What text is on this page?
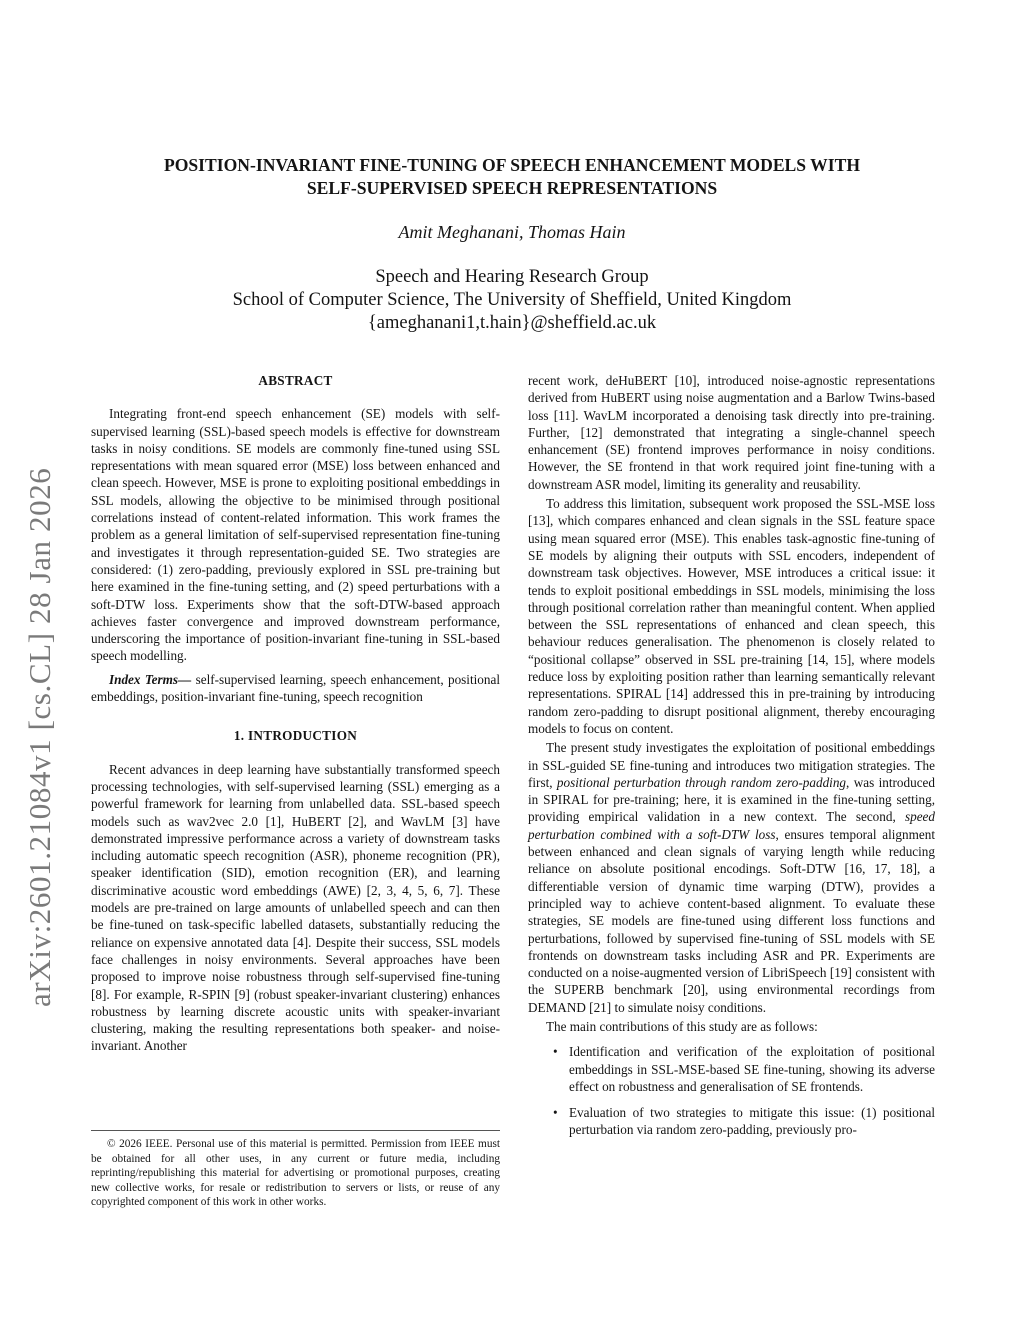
arXiv:2601.21084v1 [cs.CL] 28 Jan 2026
POSITION-INVARIANT FINE-TUNING OF SPEECH ENHANCEMENT MODELS WITH
SELF-SUPERVISED SPEECH REPRESENTATIONS
Amit Meghanani, Thomas Hain
Speech and Hearing Research Group
School of Computer Science, The University of Sheffield, United Kingdom
{ameghanani1,t.hain}@sheffield.ac.uk
ABSTRACT

Integrating front-end speech enhancement (SE) models with self-supervised learning (SSL)-based speech models is effective for downstream tasks in noisy conditions. SE models are commonly fine-tuned using SSL representations with mean squared error (MSE) loss between enhanced and clean speech. However, MSE is prone to exploiting positional embeddings in SSL models, allowing the objective to be minimised through positional correlations instead of content-related information. This work frames the problem as a general limitation of self-supervised representation fine-tuning and investigates it through representation-guided SE. Two strategies are considered: (1) zero-padding, previously explored in SSL pre-training but here examined in the fine-tuning setting, and (2) speed perturbations with a soft-DTW loss. Experiments show that the soft-DTW-based approach achieves faster convergence and improved downstream performance, underscoring the importance of position-invariant fine-tuning in SSL-based speech modelling.

Index Terms— self-supervised learning, speech enhancement, positional embeddings, position-invariant fine-tuning, speech recognition

1. INTRODUCTION

Recent advances in deep learning have substantially transformed speech processing technologies, with self-supervised learning (SSL) emerging as a powerful framework for learning from unlabelled data. SSL-based speech models such as wav2vec 2.0 [1], HuBERT [2], and WavLM [3] have demonstrated impressive performance across a variety of downstream tasks including automatic speech recognition (ASR), phoneme recognition (PR), speaker identification (SID), emotion recognition (ER), and learning discriminative acoustic word embeddings (AWE) [2, 3, 4, 5, 6, 7]. These models are pre-trained on large amounts of unlabelled speech and can then be fine-tuned on task-specific labelled datasets, substantially reducing the reliance on expensive annotated data [4]. Despite their success, SSL models face challenges in noisy environments. Several approaches have been proposed to improve noise robustness through self-supervised fine-tuning [8]. For example, R-SPIN [9] (robust speaker-invariant clustering) enhances robustness by learning discrete acoustic units with speaker-invariant clustering, making the resulting representations both speaker- and noise-invariant. Another

© 2026 IEEE. Personal use of this material is permitted. Permission from IEEE must be obtained for all other uses, in any current or future media, including reprinting/republishing this material for advertising or promotional purposes, creating new collective works, for resale or redistribution to servers or lists, or reuse of any copyrighted component of this work in other works.

recent work, deHuBERT [10], introduced noise-agnostic representations derived from HuBERT using noise augmentation and a Barlow Twins-based loss [11]. WavLM incorporated a denoising task directly into pre-training. Further, [12] demonstrated that integrating a single-channel speech enhancement (SE) frontend improves performance in noisy conditions. However, the SE frontend in that work required joint fine-tuning with a downstream ASR model, limiting its generality and reusability.

To address this limitation, subsequent work proposed the SSL-MSE loss [13], which compares enhanced and clean signals in the SSL feature space using mean squared error (MSE). This enables task-agnostic fine-tuning of SE models by aligning their outputs with SSL encoders, independent of downstream task objectives. However, MSE introduces a critical issue: it tends to exploit positional embeddings in SSL models, minimising the loss through positional correlation rather than meaningful content. When applied between the SSL representations of enhanced and clean speech, this behaviour reduces generalisation. The phenomenon is closely related to “positional collapse” observed in SSL pre-training [14, 15], where models reduce loss by exploiting position rather than learning semantically relevant representations. SPIRAL [14] addressed this in pre-training by introducing random zero-padding to disrupt positional alignment, thereby encouraging models to focus on content.

The present study investigates the exploitation of positional embeddings in SSL-guided SE fine-tuning and introduces two mitigation strategies. The first, positional perturbation through random zero-padding, was introduced in SPIRAL for pre-training; here, it is examined in the fine-tuning setting, providing empirical validation in a new context. The second, speed perturbation combined with a soft-DTW loss, ensures temporal alignment between enhanced and clean signals of varying length while reducing reliance on absolute positional encodings. Soft-DTW [16, 17, 18], a differentiable version of dynamic time warping (DTW), provides a principled way to achieve content-based alignment. To evaluate these strategies, SE models are fine-tuned using different loss functions and perturbations, followed by supervised fine-tuning of SSL models with SE frontends on downstream tasks including ASR and PR. Experiments are conducted on a noise-augmented version of LibriSpeech [19] consistent with the SUPERB benchmark [20], using environmental recordings from DEMAND [21] to simulate noisy conditions.

The main contributions of this study are as follows:

• Identification and verification of the exploitation of positional embeddings in SSL-MSE-based SE fine-tuning, showing its adverse effect on robustness and generalisation of SE frontends.
• Evaluation of two strategies to mitigate this issue: (1) positional perturbation via random zero-padding, previously pro-
